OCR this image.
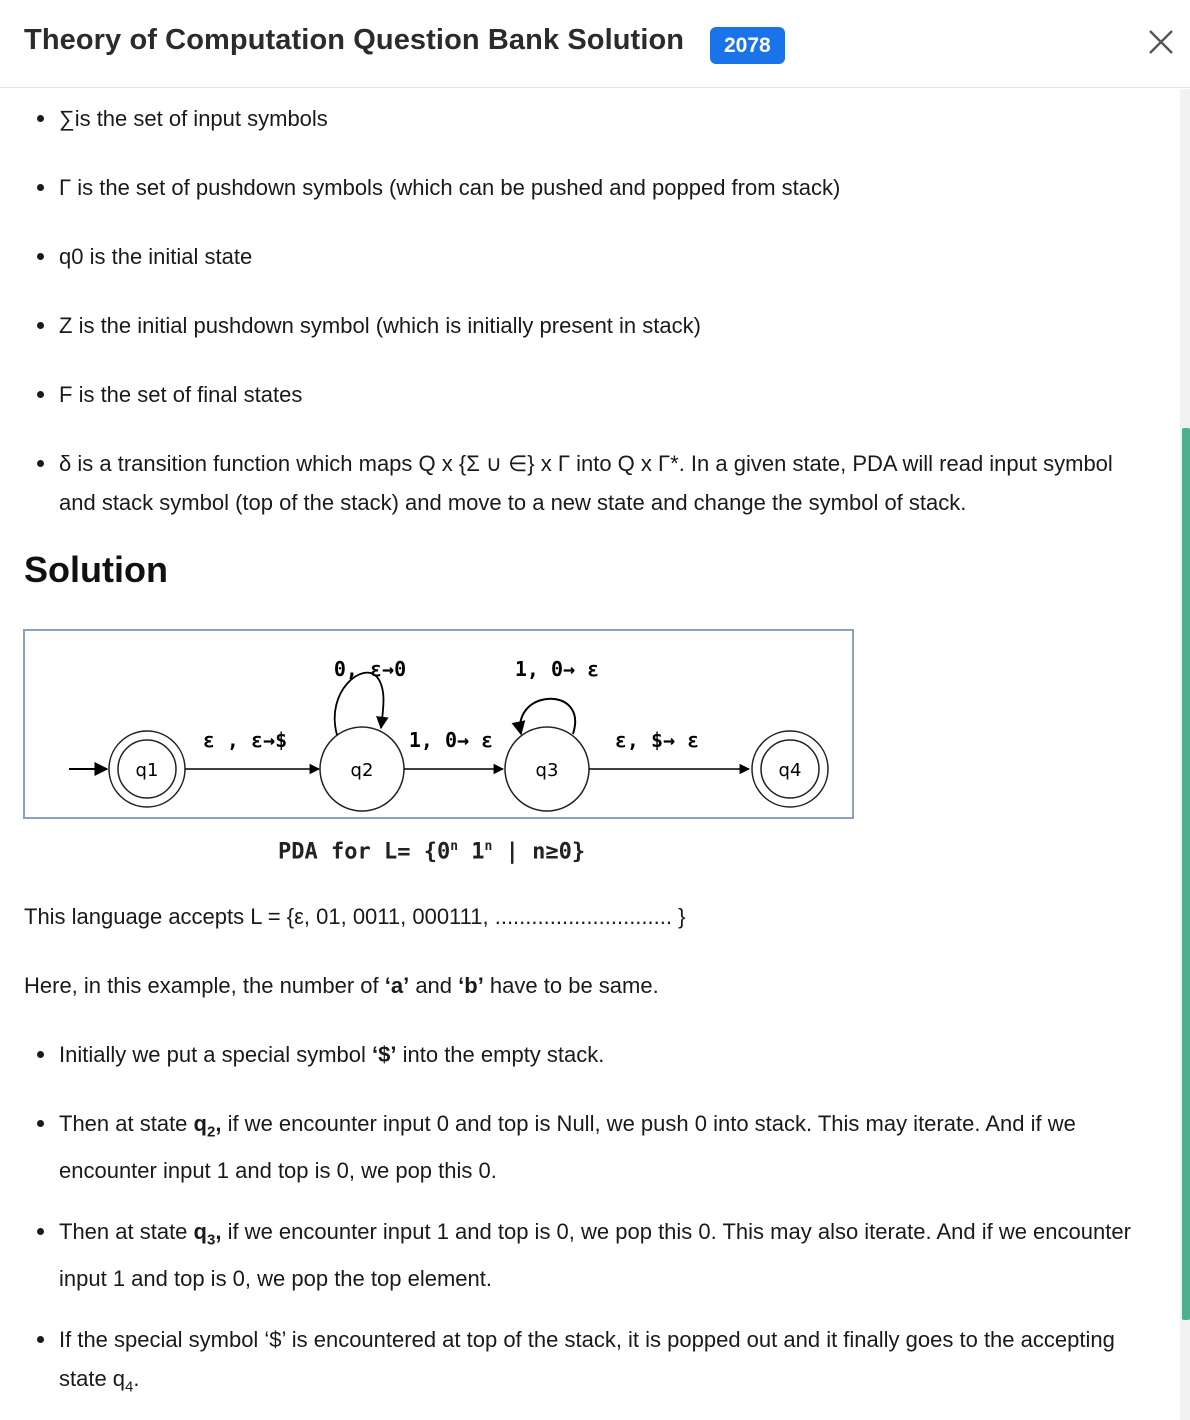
Theory of Computation Question Bank Solution	2078
∑is the set of input symbols
Γ is the set of pushdown symbols (which can be pushed and popped from stack)
q0 is the initial state
Z is the initial pushdown symbol (which is initially present in stack)
F is the set of final states
δ is a transition function which maps Q x {Σ ∪ ∈} x Γ into Q x Γ*. In a given state, PDA will read input symbol and stack symbol (top of the stack) and move to a new state and change the symbol of stack.
Solution
q1
ε , ε→$
q2
0, ε→0
1, 0→ ε
q3
1, 0→ ε
ε, $→ ε
q4
PDA for $L= \{0^n$ 1$^n$ | n≥0}
This language accepts L = {ε, 01, 0011, 000111, ............................. }
Here, in this example, the number of ‘a’ and ‘b’ have to be same.
Initially we put a special symbol ‘$’ into the empty stack.
Then at state $q_2$, if we encounter input 0 and top is Null, we push 0 into stack. This may iterate. And if we encounter input 1 and top is 0, we pop this 0.
Then at state $q_3$, if we encounter input 1 and top is 0, we pop this 0. This may also iterate. And if we encounter input 1 and top is 0, we pop the top element.
If the special symbol ‘$’ is encountered at top of the stack, it is popped out and it finally goes to the accepting state $q_4$.
